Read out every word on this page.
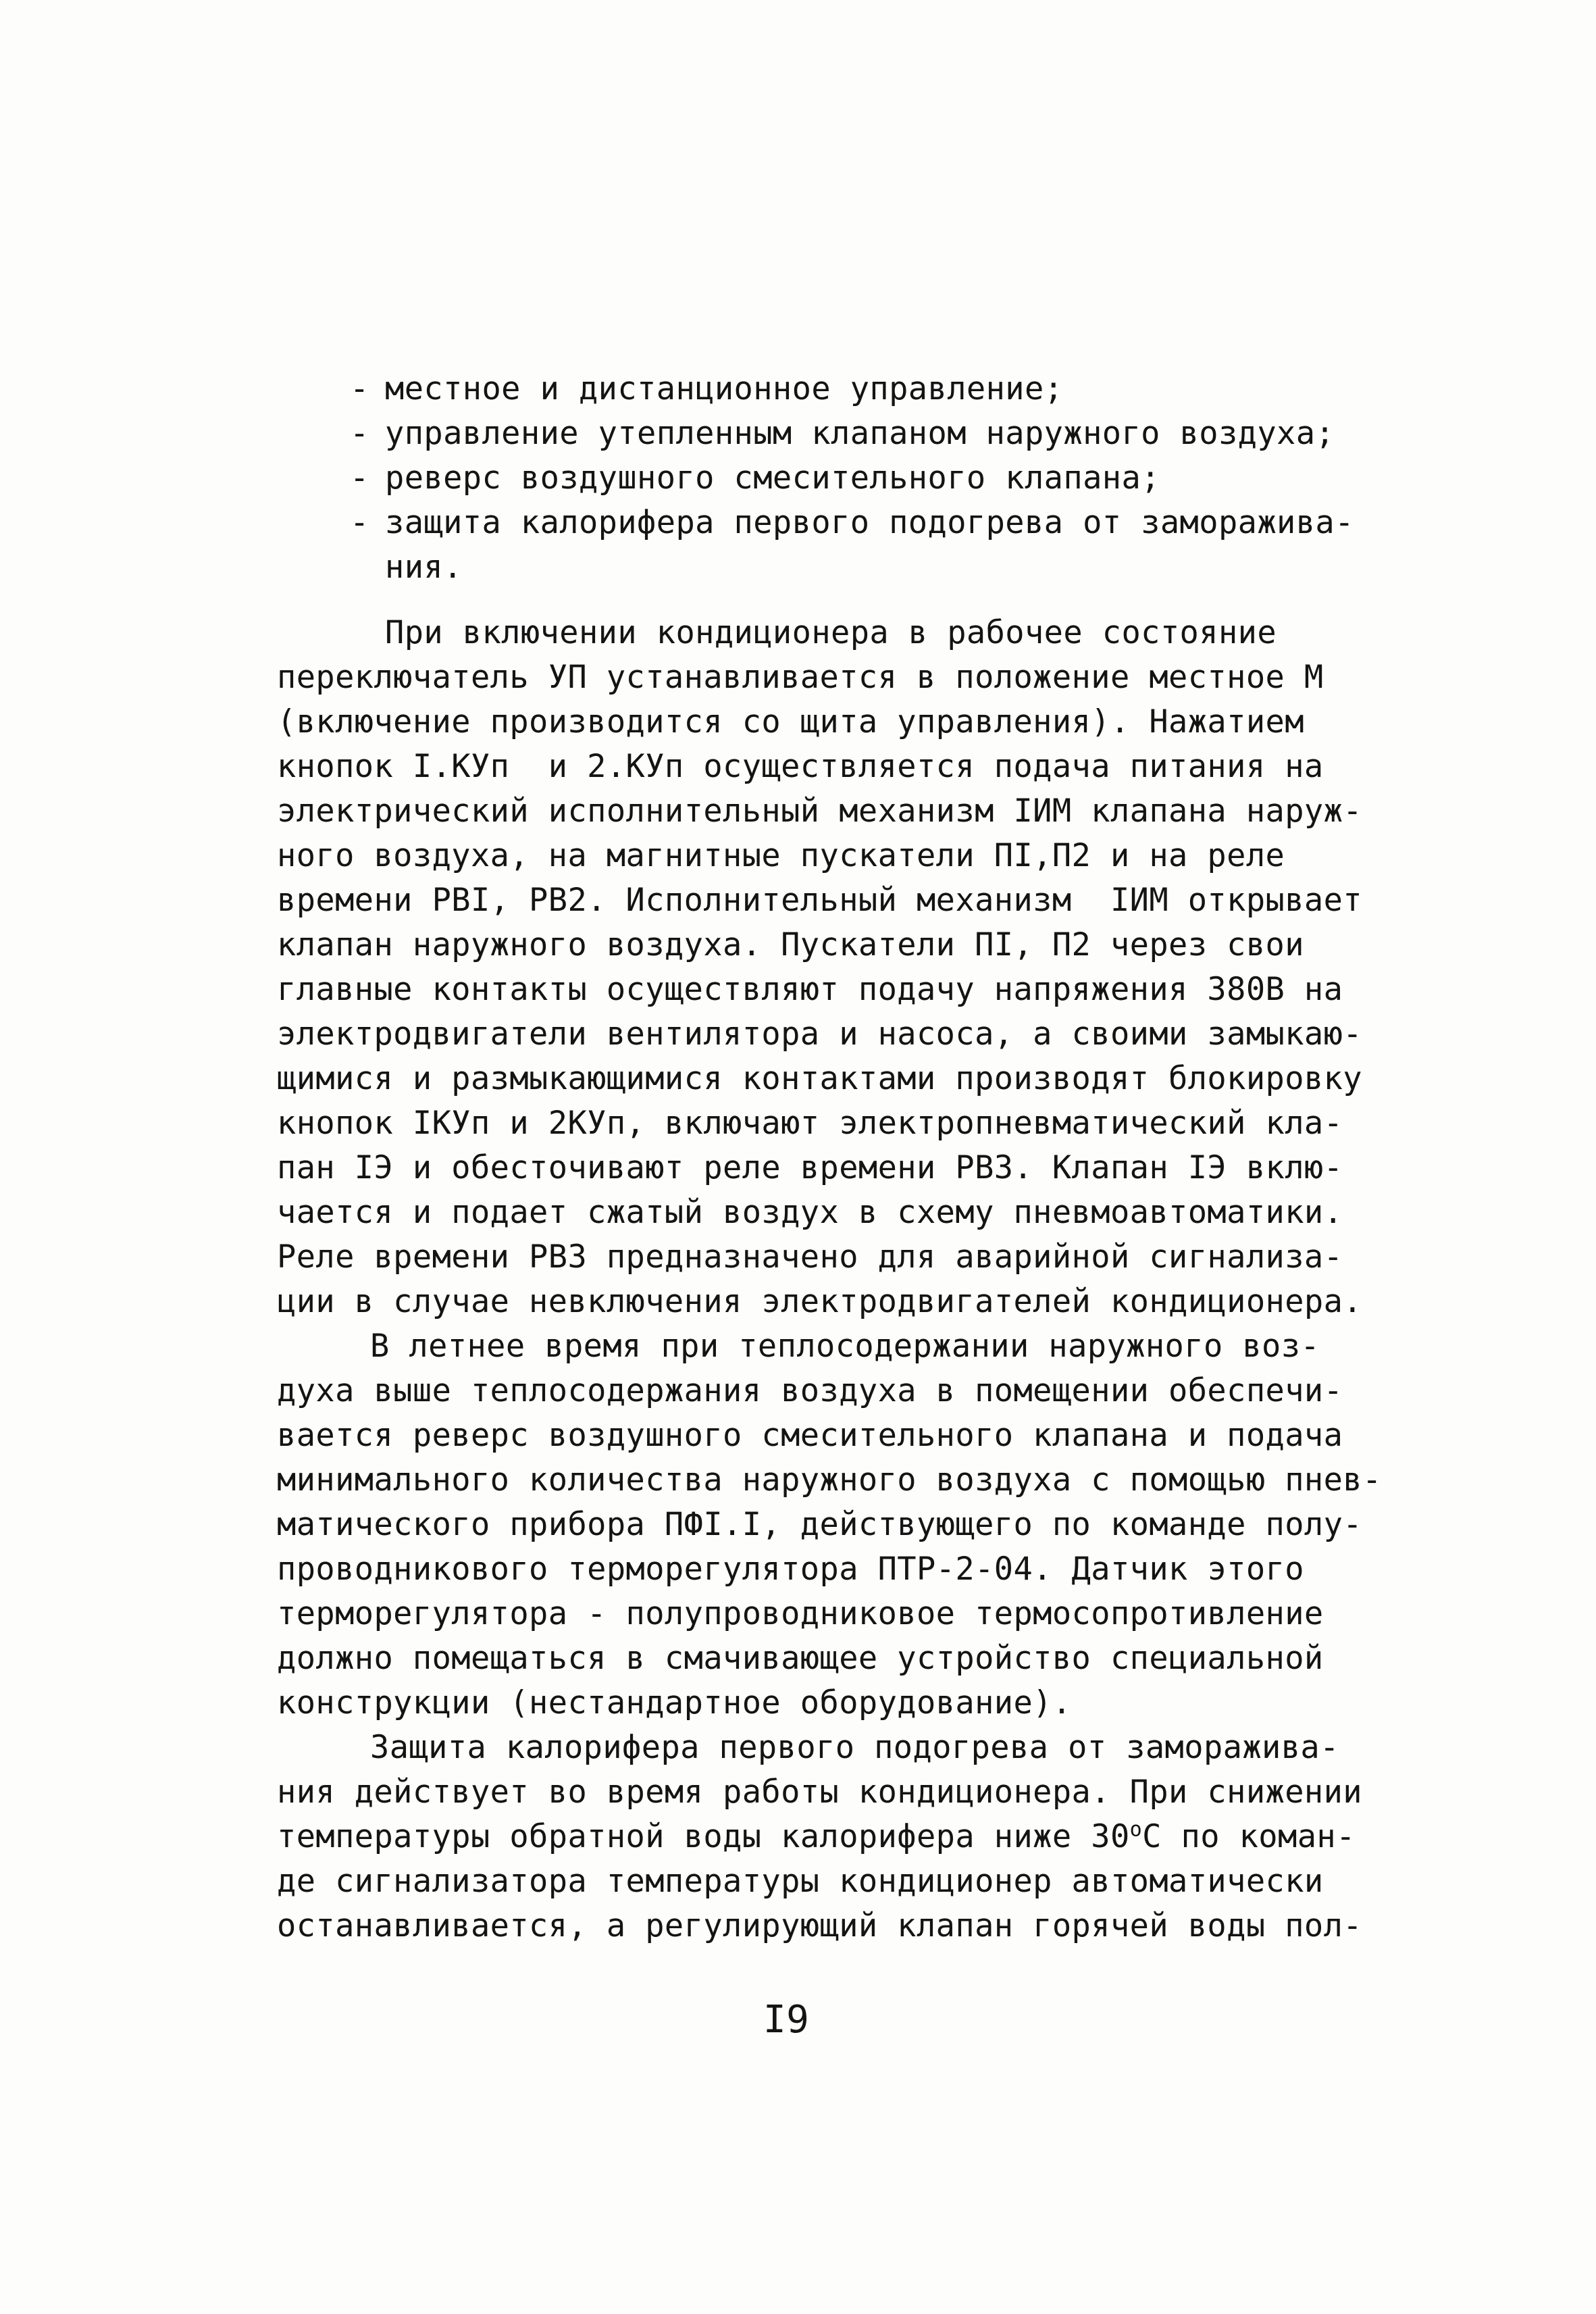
- местное и дистанционное управление;
- управление утепленным клапаном наружного воздуха;
- реверс воздушного смесительного клапана;
- защита калорифера первого подогрева от заморажива-
ния.
При включении кондиционера в рабочее состояние
переключатель УП устанавливается в положение местное М
(включение производится со щита управления). Нажатием
кнопок I.КУп  и 2.КУп осуществляется подача питания на
электрический исполнительный механизм IИМ клапана наруж-
ного воздуха, на магнитные пускатели ПI,П2 и на реле
времени РВI, РВ2. Исполнительный механизм  IИМ открывает
клапан наружного воздуха. Пускатели ПI, П2 через свои
главные контакты осуществляют подачу напряжения 380В на
электродвигатели вентилятора и насоса, а своими замыкаю-
щимися и размыкающимися контактами производят блокировку
кнопок IКУп и 2КУп, включают электропневматический кла-
пан IЭ и обесточивают реле времени РВ3. Клапан IЭ вклю-
чается и подает сжатый воздух в схему пневмоавтоматики.
Реле времени РВ3 предназначено для аварийной сигнализа-
ции в случае невключения электродвигателей кондиционера.
В летнее время при теплосодержании наружного воз-
духа выше теплосодержания воздуха в помещении обеспечи-
вается реверс воздушного смесительного клапана и подача
минимального количества наружного воздуха с помощью пнев-
матического прибора ПФI.I, действующего по команде полу-
проводникового терморегулятора ПТР-2-04. Датчик этого
терморегулятора - полупроводниковое термосопротивление
должно помещаться в смачивающее устройство специальной
конструкции (нестандартное оборудование).
Защита калорифера первого подогрева от заморажива-
ния действует во время работы кондиционера. При снижении
температуры обратной воды калорифера ниже $30^оС$ по коман-
де сигнализатора температуры кондиционер автоматически
останавливается, а регулирующий клапан горячей воды пол-
I9
